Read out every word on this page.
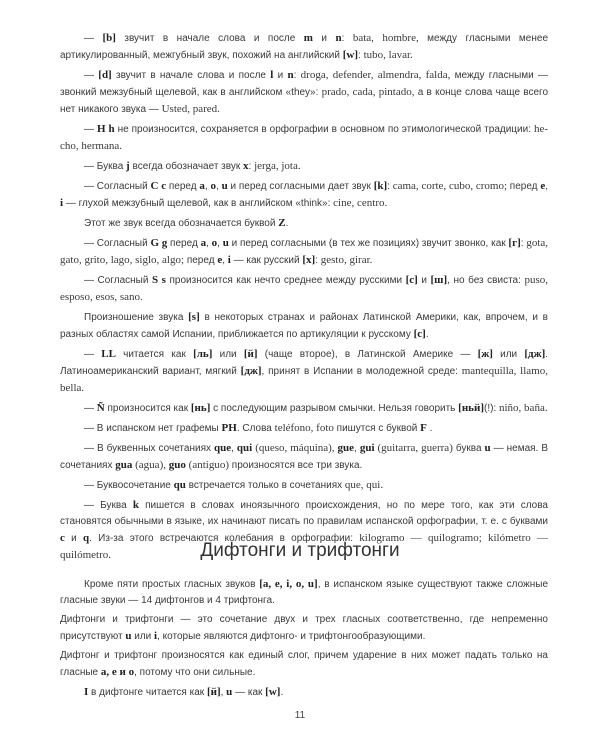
— [b] звучит в начале слова и после m и n: bata, hombre, между гласными менее артикулированный, межгубный звук, похожий на английский [w]: tubo, lavar.

— [d] звучит в начале слова и после l и n: droga, defender, almendra, falda, между гласными — звонкий межзубный щелевой, как в английском «they»: prado, cada, pintado, а в конце слова чаще всего нет никакого звука — Usted, pared.

— H h не произносится, сохраняется в орфографии в основном по этимологической традиции: he-cho, hermana.

— Буква j всегда обозначает звук х: jerga, jota.

— Согласный C c перед a, o, u и перед согласными дает звук [k]: cama, corte, cubo, cromo; перед e, i — глухой межзубный щелевой, как в английском «think»: cine, centro.

Этот же звук всегда обозначается буквой Z.

— Согласный G g перед a, o, u и перед согласными (в тех же позициях) звучит звонко, как [г]: gota, gato, grito, lago, siglo, algo; перед e, i — как русский [х]: gesto, girar.

— Согласный S s произносится как нечто среднее между русскими [с] и [ш], но без свиста: puso, esposo, esos, sano.

Произношение звука [s] в некоторых странах и районах Латинской Америки, как, впрочем, и в разных областях самой Испании, приближается по артикуляции к русскому [с].

— LL читается как [ль] или [й] (чаще второе), в Латинской Америке — [ж] или [дж]. Латиноамериканский вариант, мягкий [дж], принят в Испании в молодежной среде: mantequilla, llamo, bella.

— Ñ произносится как [нь] с последующим разрывом смычки. Нельзя говорить [ньй](!): niño, baña.

— В испанском нет графемы PH. Слова teléfono, foto пишутся с буквой F .

— В буквенных сочетаниях que, qui (queso, máquina), gue, gui (guitarra, guerra) буква u — немая. В сочетаниях gua (agua), guo (antiguo) произносятся все три звука.

— Буквосочетание qu встречается только в сочетаниях que, qui.

— Буква k пишется в словах иноязычного происхождения, но по мере того, как эти слова становятся обычными в языке, их начинают писать по правилам испанской орфографии, т. е. с буквами c и q. Из-за этого встречаются колебания в орфографии: kilogramo — quilogramo; kilómetro — quilómetro.	Дифтонги и трифтонги

Кроме пяти простых гласных звуков [a, e, i, o, u], в испанском языке существуют также сложные гласные звуки — 14 дифтонгов и 4 трифтонга.

Дифтонги и трифтонги — это сочетание двух и трех гласных соответственно, где непременно присутствуют u или i, которые являются дифтонго- и трифтонгообразующими.

Дифтонг и трифтонг произносятся как единый слог, причем ударение в них может падать только на гласные a, e и o, потому что они сильные.

I в дифтонге читается как [й], u — как [w].

11
